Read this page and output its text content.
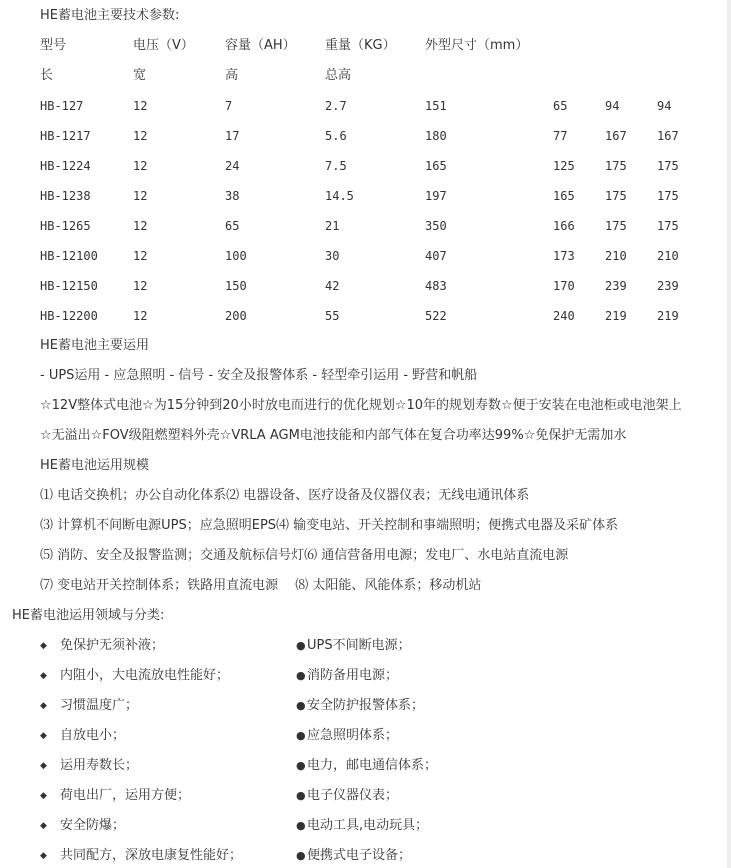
HE蓄电池主要技术参数:
型号	电压（V） 容量（AH） 重量（KG） 外型尺寸（mm）
长	宽	高	总高
HB-127	12	7	2.7	151	65	94	94
HB-1217	12	17	5.6	180	77	167	167
HB-1224	12	24	7.5	165	125	175	175
HB-1238	12	38	14.5	197	165	175	175
HB-1265	12	65	21	350	166	175	175
HB-12100	12	100	30	407	173	210	210
HB-12150	12	150	42	483	170	239	239
HB-12200	12	200	55	522	240	219	219
HE蓄电池主要运用
- UPS运用 - 应急照明 - 信号 - 安全及报警体系 - 轻型牵引运用 - 野营和帆船
☆12V整体式电池☆为15分钟到20小时放电而进行的优化规划☆10年的规划寿数☆便于安装在电池柜或电池架上
☆无溢出☆FOV级阻燃塑料外壳☆VRLA AGM电池技能和内部气体在复合功率达99%☆免保护无需加水
HE蓄电池运用规模
⑴ 电话交换机；办公自动化体系⑵ 电器设备、医疗设备及仪器仪表；无线电通讯体系
⑶ 计算机不间断电源UPS；应急照明EPS⑷ 输变电站、开关控制和事端照明；便携式电器及采矿体系
⑸ 消防、安全及报警监测；交通及航标信号灯⑹ 通信营备用电源；发电厂、水电站直流电源
⑺ 变电站开关控制体系；铁路用直流电源　 ⑻ 太阳能、风能体系；移动机站
HE蓄电池运用领域与分类:
◆ 免保护无须补液；
◆ 内阻小，大电流放电性能好；
◆ 习惯温度广；
◆ 自放电小；
◆ 运用寿数长；
◆ 荷电出厂，运用方便；
◆ 安全防爆；
◆ 共同配方，深放电康复性能好；
● UPS不间断电源；
● 消防备用电源；
● 安全防护报警体系；
● 应急照明体系；
● 电力，邮电通信体系；
● 电子仪器仪表；
● 电动工具,电动玩具；
● 便携式电子设备；
